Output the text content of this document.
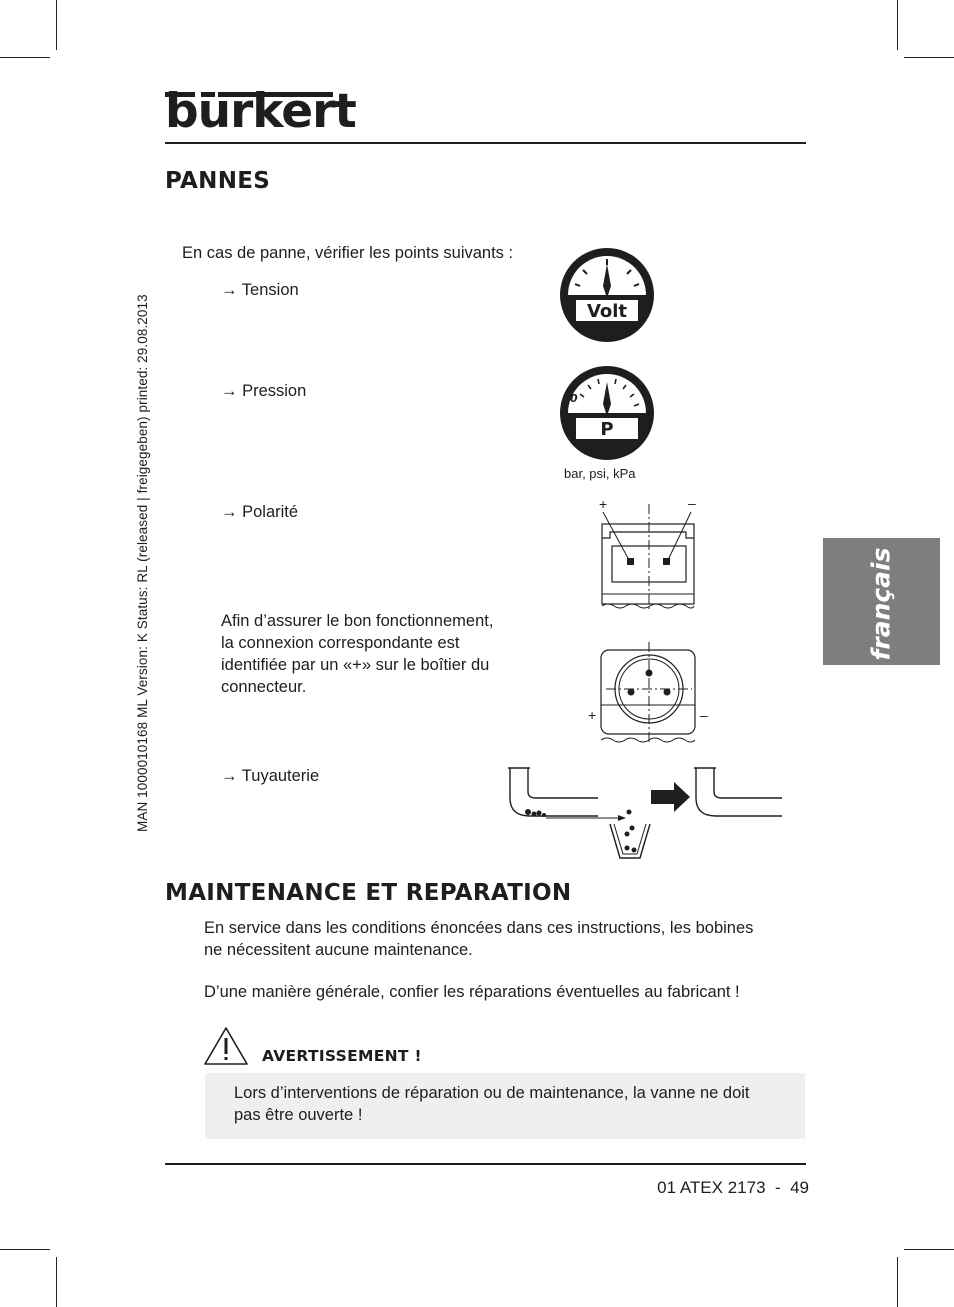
burkert
MAN 1000010168 ML Version: K Status: RL (released | freigegeben) printed: 29.08.2013	français
PANNES
En cas de panne, vérifier les points suivants :
→ Tension
→ Pression
→ Polarité
Afin d’assurer le bon fonctionnement,
la connexion correspondante est
identifiée par un «+» sur le boîtier du
connecteur.
→ Tuyauterie
Volt
0
P
bar, psi, kPa
+	–
+	–
MAINTENANCE ET REPARATION
En service dans les conditions énoncées dans ces instructions, les bobines
ne nécessitent aucune maintenance.
D’une manière générale, confier les réparations éventuelles au fabricant !
AVERTISSEMENT !
Lors d’interventions de réparation ou de maintenance, la vanne ne doit
pas être ouverte !
01 ATEX 2173  -  49
